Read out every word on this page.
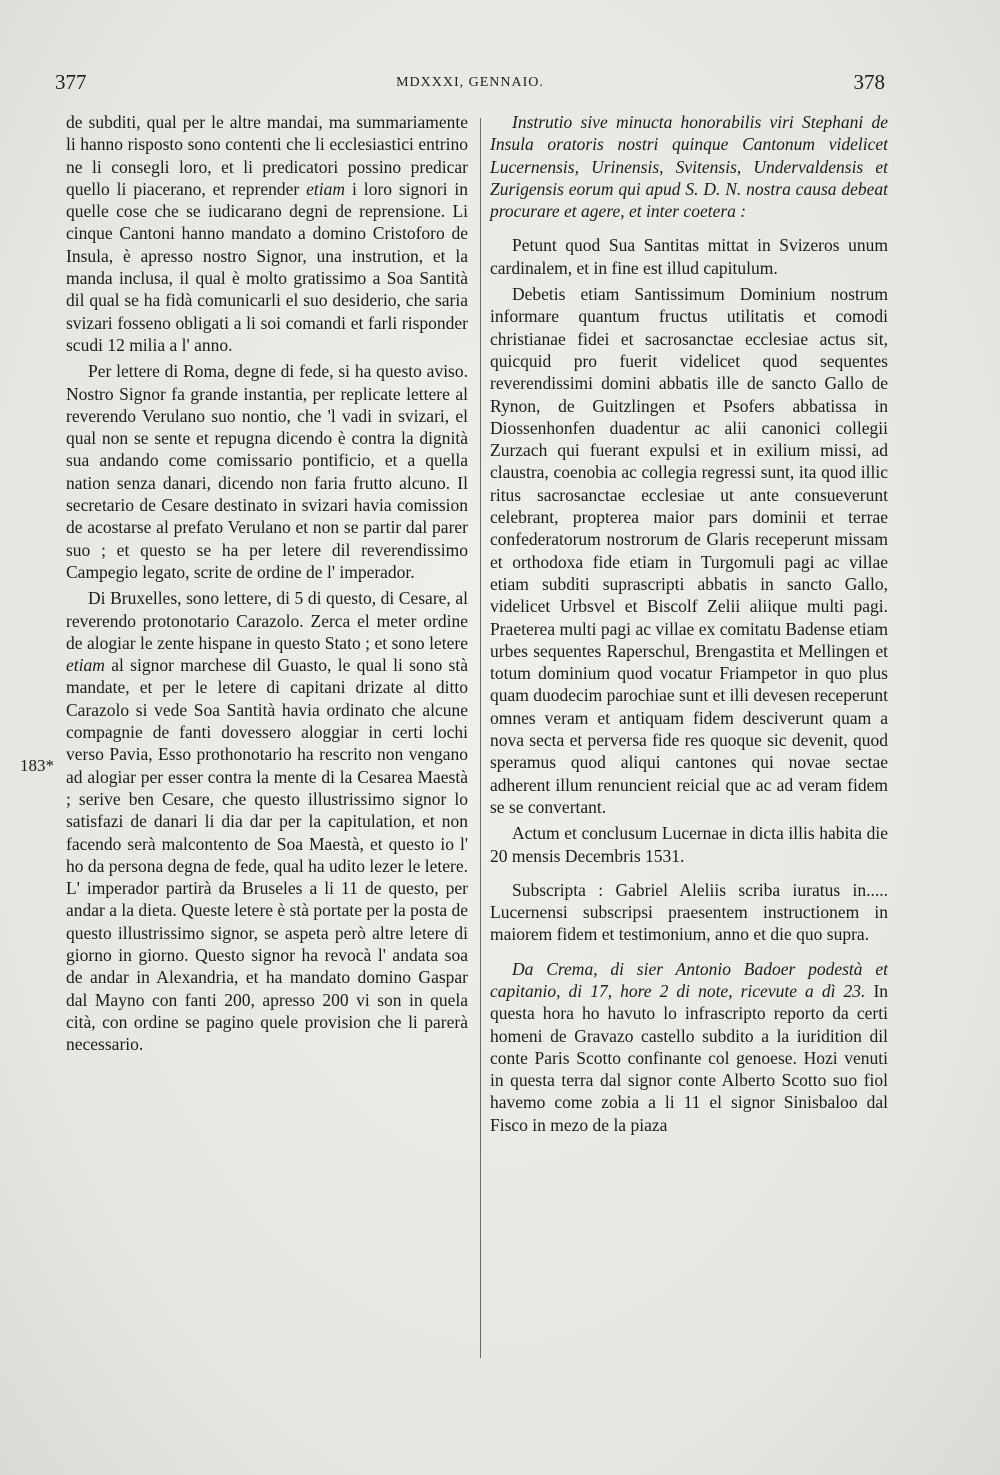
377	MDXXXI, GENNAIO.	378
183*

de subditi, qual per le altre mandai, ma summariamente li hanno risposto sono contenti che li ecclesiastici entrino ne li consegli loro, et li predicatori possino predicar quello li piacerano, et reprender etiam i loro signori in quelle cose che se iudicarano degni de reprensione. Li cinque Cantoni hanno mandato a domino Cristoforo de Insula, è apresso nostro Signor, una instrution, et la manda inclusa, il qual è molto gratissimo a Soa Santità dil qual se ha fidà comunicarli el suo desiderio, che saria svizari fosseno obligati a li soi comandi et farli risponder scudi 12 milia a l' anno.

Per lettere di Roma, degne di fede, si ha questo aviso. Nostro Signor fa grande instantia, per replicate lettere al reverendo Verulano suo nontio, che 'l vadi in svizari, el qual non se sente et repugna dicendo è contra la dignità sua andando come comissario pontificio, et a quella nation senza danari, dicendo non faria frutto alcuno. Il secretario de Cesare destinato in svizari havia comission de acostarse al prefato Verulano et non se partir dal parer suo ; et questo se ha per letere dil reverendissimo Campegio legato, scrite de ordine de l' imperador.

Di Bruxelles, sono lettere, di 5 di questo, di Cesare, al reverendo protonotario Carazolo. Zerca el meter ordine de alogiar le zente hispane in questo Stato ; et sono letere etiam al signor marchese dil Guasto, le qual li sono stà mandate, et per le letere di capitani drizate al ditto Carazolo si vede Soa Santità havia ordinato che alcune compagnie de fanti dovessero aloggiar in certi lochi verso Pavia, Esso prothonotario ha rescrito non vengano ad alogiar per esser contra la mente di la Cesarea Maestà ; serive ben Cesare, che questo illustrissimo signor lo satisfazi de danari li dia dar per la capitulation, et non facendo serà malcontento de Soa Maestà, et questo io l' ho da persona degna de fede, qual ha udito lezer le letere. L' imperador partirà da Bruseles a li 11 de questo, per andar a la dieta. Queste letere è stà portate per la posta de questo illustrissimo signor, se aspeta però altre letere di giorno in giorno. Questo signor ha revocà l' andata soa de andar in Alexandria, et ha mandato domino Gaspar dal Mayno con fanti 200, apresso 200 vi son in quela cità, con ordine se pagino quele provision che li parerà necessario.

Instrutio sive minucta honorabilis viri Stephani de Insula oratoris nostri quinque Cantonum videlicet Lucernensis, Urinensis, Svitensis, Undervaldensis et Zurigensis eorum qui apud S. D. N. nostra causa debeat procurare et agere, et inter coetera :

Petunt quod Sua Santitas mittat in Svizeros unum cardinalem, et in fine est illud capitulum.

Debetis etiam Santissimum Dominium nostrum informare quantum fructus utilitatis et comodi christianae fidei et sacrosanctae ecclesiae actus sit, quicquid pro fuerit videlicet quod sequentes reverendissimi domini abbatis ille de sancto Gallo de Rynon, de Guitzlingen et Psofers abbatissa in Diossenhonfen duadentur ac alii canonici collegii Zurzach qui fuerant expulsi et in exilium missi, ad claustra, coenobia ac collegia regressi sunt, ita quod illic ritus sacrosanctae ecclesiae ut ante consueverunt celebrant, propterea maior pars dominii et terrae confederatorum nostrorum de Glaris receperunt missam et orthodoxa fide etiam in Turgomuli pagi ac villae etiam subditi suprascripti abbatis in sancto Gallo, videlicet Urbsvel et Biscolf Zelii aliique multi pagi. Praeterea multi pagi ac villae ex comitatu Badense etiam urbes sequentes Raperschul, Brengastita et Mellingen et totum dominium quod vocatur Friampetor in quo plus quam duodecim parochiae sunt et illi devesen receperunt omnes veram et antiquam fidem desciverunt quam a nova secta et perversa fide res quoque sic devenit, quod speramus quod aliqui cantones qui novae sectae adherent illum renuncient reicial que ac ad veram fidem se se convertant.

Actum et conclusum Lucernae in dicta illis habita die 20 mensis Decembris 1531.

Subscripta : Gabriel Aleliis scriba iuratus in..... Lucernensi subscripsi praesentem instructionem in maiorem fidem et testimonium, anno et die quo supra.

Da Crema, di sier Antonio Badoer podestà et capitanio, di 17, hore 2 di note, ricevute a dì 23. In questa hora ho havuto lo infrascripto reporto da certi homeni de Gravazo castello subdito a la iuridition dil conte Paris Scotto confinante col genoese. Hozi venuti in questa terra dal signor conte Alberto Scotto suo fiol havemo come zobia a li 11 el signor Sinisbaloo dal Fisco in mezo de la piaza
